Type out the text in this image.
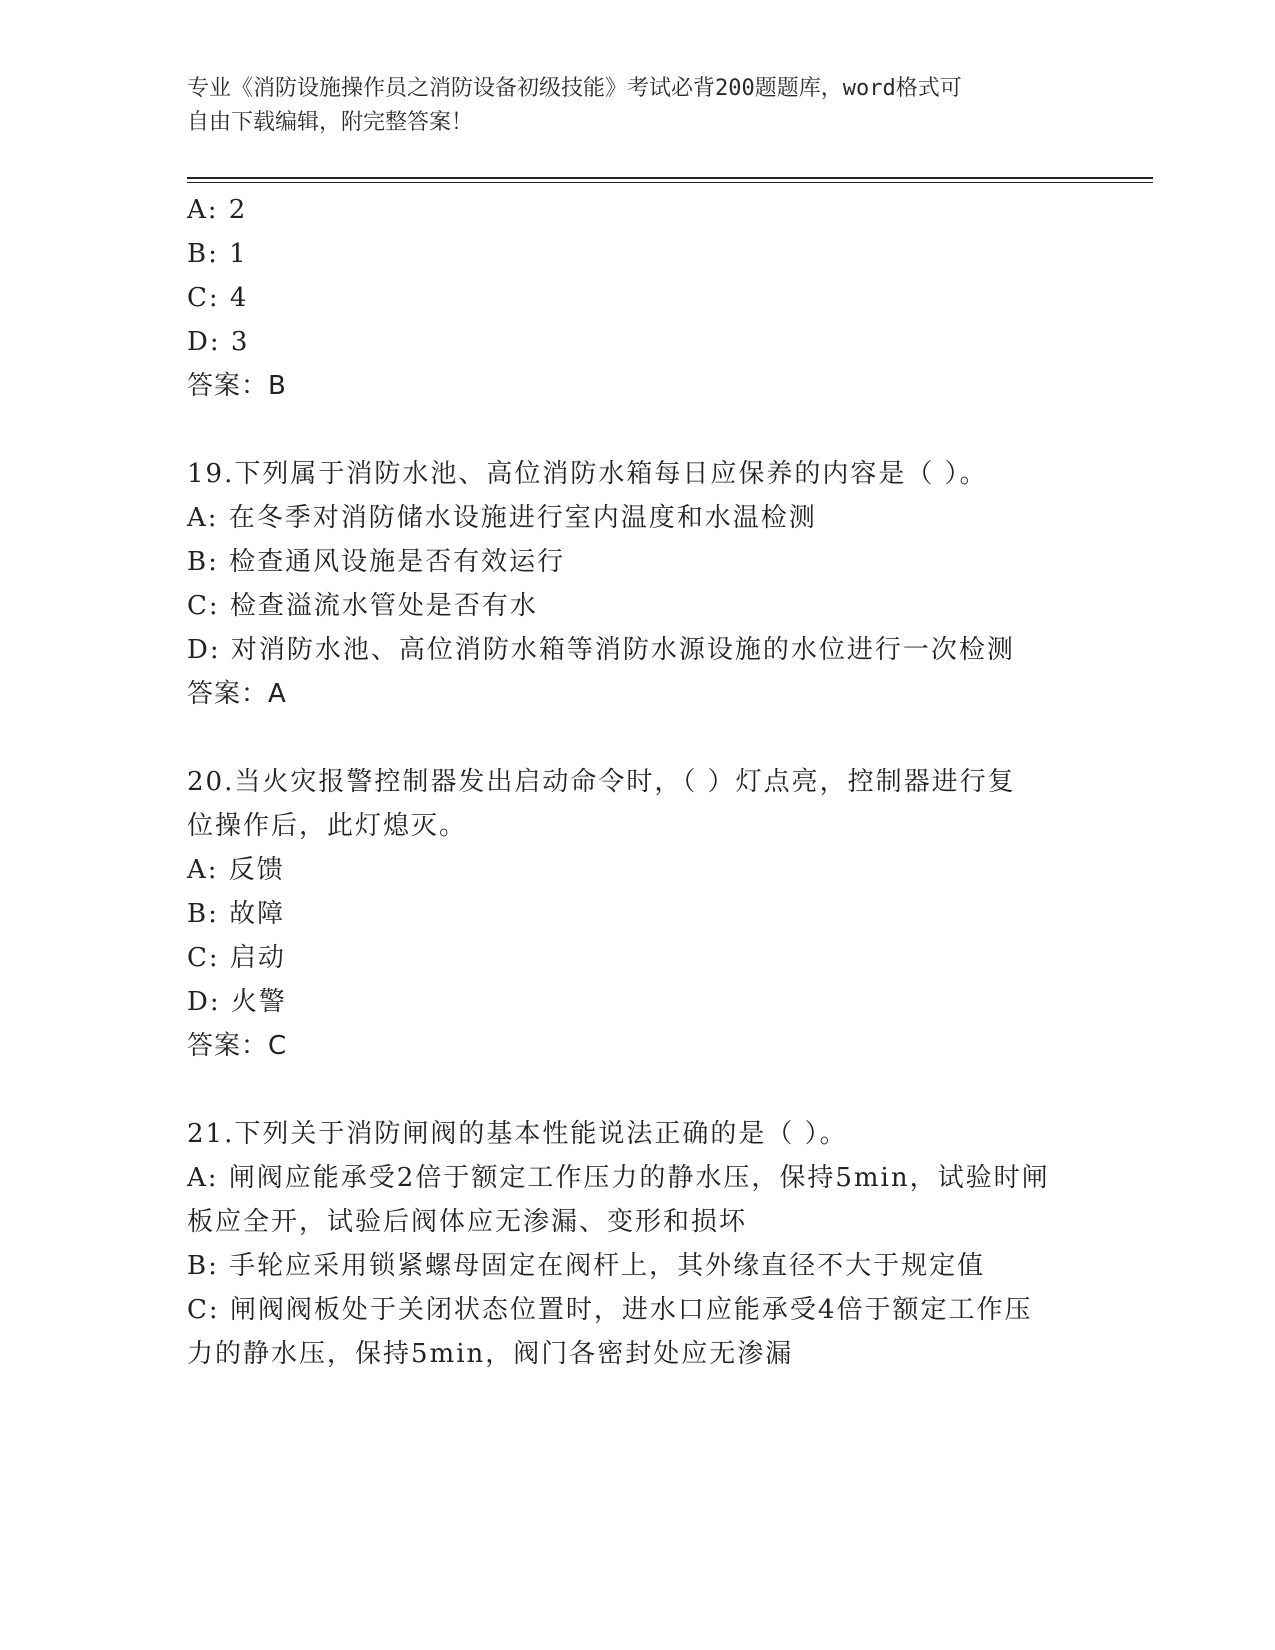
专业《消防设施操作员之消防设备初级技能》考试必背200题题库，word格式可
自由下载编辑，附完整答案！
A: 2
B: 1
C: 4
D: 3
答案：B
19.下列属于消防水池、高位消防水箱每日应保养的内容是（ ）。
A: 在冬季对消防储水设施进行室内温度和水温检测
B: 检查通风设施是否有效运行
C: 检查溢流水管处是否有水
D: 对消防水池、高位消防水箱等消防水源设施的水位进行一次检测
答案：A
20.当火灾报警控制器发出启动命令时，（ ）灯点亮，控制器进行复
位操作后，此灯熄灭。
A: 反馈
B: 故障
C: 启动
D: 火警
答案：C
21.下列关于消防闸阀的基本性能说法正确的是（ ）。
A: 闸阀应能承受2倍于额定工作压力的静水压，保持5min，试验时闸
板应全开，试验后阀体应无渗漏、变形和损坏
B: 手轮应采用锁紧螺母固定在阀杆上，其外缘直径不大于规定值
C: 闸阀阀板处于关闭状态位置时，进水口应能承受4倍于额定工作压
力的静水压，保持5min，阀门各密封处应无渗漏
